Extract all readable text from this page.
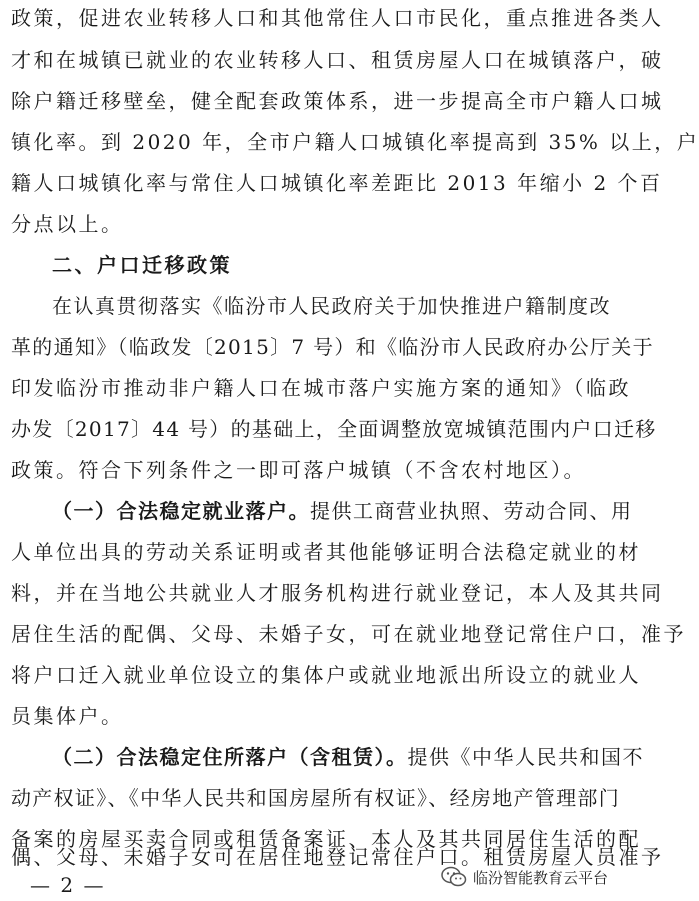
政策，促进农业转移人口和其他常住人口市民化，重点推进各类人
才和在城镇已就业的农业转移人口、租赁房屋人口在城镇落户，破
除户籍迁移壁垒，健全配套政策体系，进一步提高全市户籍人口城
镇化率。到 2020 年，全市户籍人口城镇化率提高到 35% 以上，户
籍人口城镇化率与常住人口城镇化率差距比 2013 年缩小 2 个百
分点以上。
二、户口迁移政策
在认真贯彻落实《临汾市人民政府关于加快推进户籍制度改
革的通知》（临政发〔2015〕7 号）和《临汾市人民政府办公厅关于
印发临汾市推动非户籍人口在城市落户实施方案的通知》（临政
办发〔2017〕44 号）的基础上，全面调整放宽城镇范围内户口迁移
政策。符合下列条件之一即可落户城镇（不含农村地区）。
（一）合法稳定就业落户。提供工商营业执照、劳动合同、用
人单位出具的劳动关系证明或者其他能够证明合法稳定就业的材
料，并在当地公共就业人才服务机构进行就业登记，本人及其共同
居住生活的配偶、父母、未婚子女，可在就业地登记常住户口，准予
将户口迁入就业单位设立的集体户或就业地派出所设立的就业人
员集体户。
（二）合法稳定住所落户（含租赁）。提供《中华人民共和国不
动产权证》、《中华人民共和国房屋所有权证》、经房地产管理部门
备案的房屋买卖合同或租赁备案证、本人及其共同居住生活的配
偶、父母、未婚子女可在居住地登记常住户口。租赁房屋人员准予
— 2 —	临汾智能教育云平台
